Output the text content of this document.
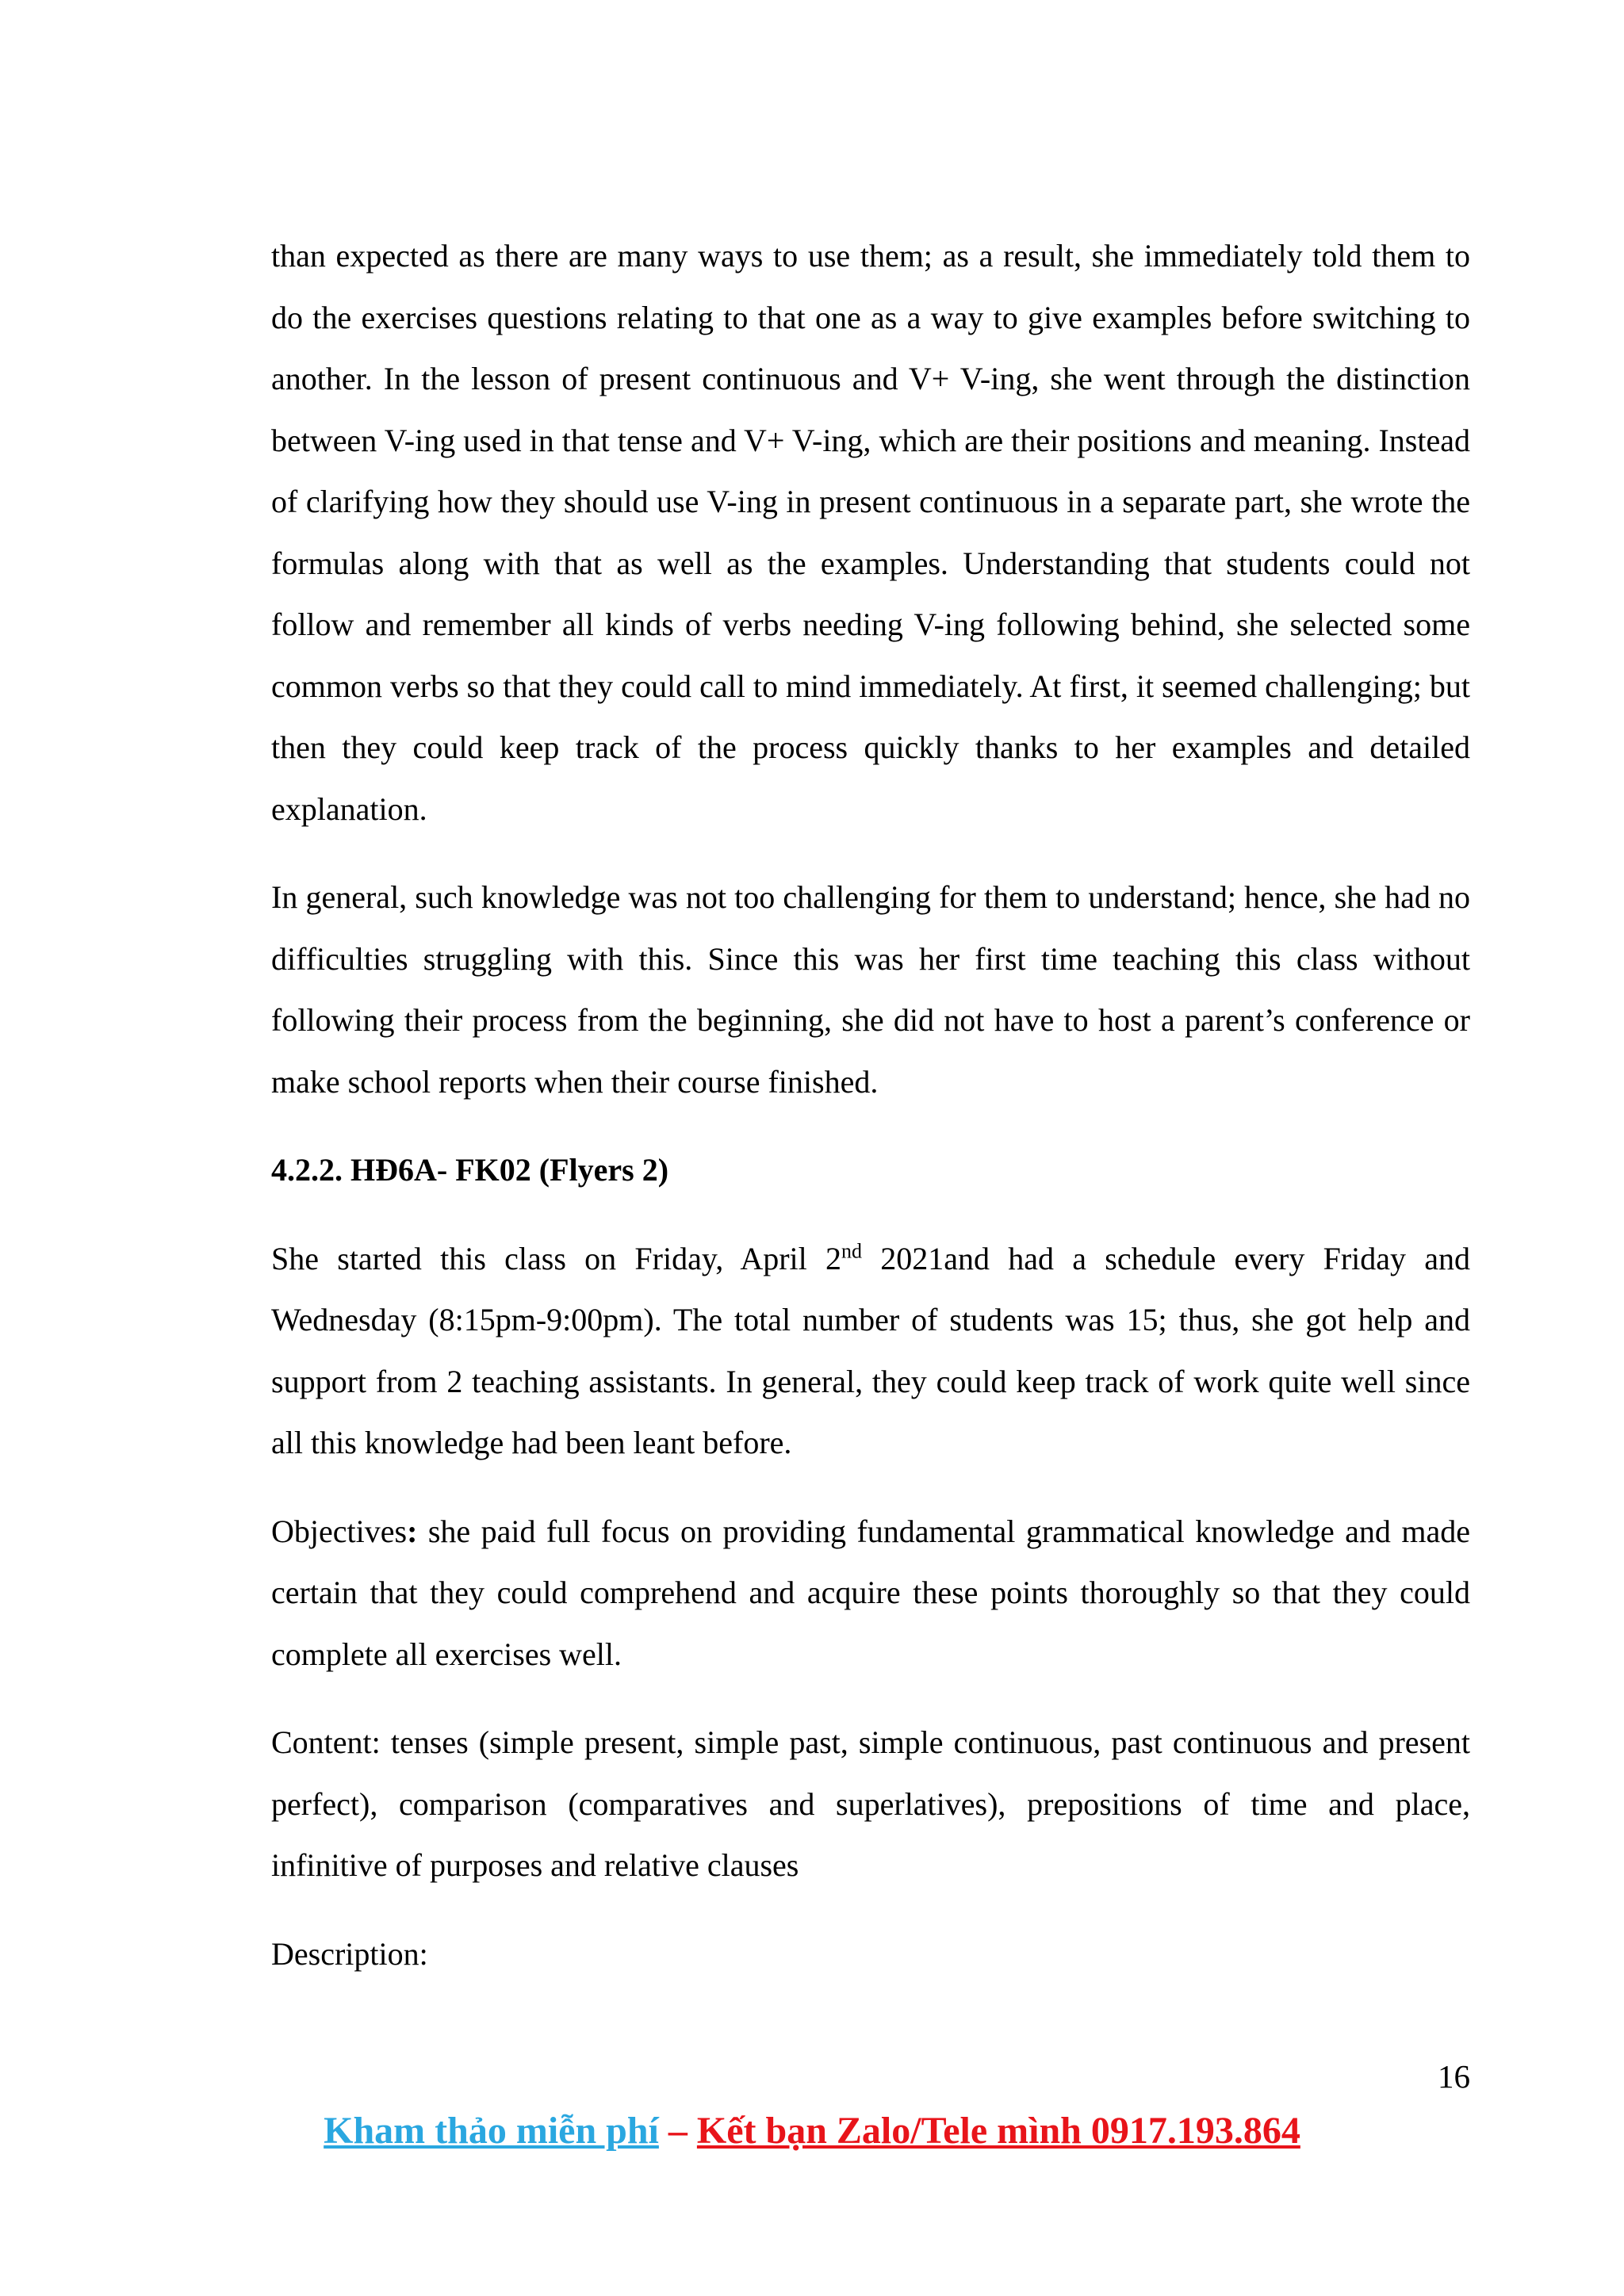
than expected as there are many ways to use them; as a result, she immediately told them to do the exercises questions relating to that one as a way to give examples before switching to another. In the lesson of present continuous and V+ V-ing, she went through the distinction between V-ing used in that tense and V+ V-ing, which are their positions and meaning. Instead of clarifying how they should use V-ing in present continuous in a separate part, she wrote the formulas along with that as well as the examples. Understanding that students could not follow and remember all kinds of verbs needing V-ing following behind, she selected some common verbs so that they could call to mind immediately. At first, it seemed challenging; but then they could keep track of the process quickly thanks to her examples and detailed explanation.

In general, such knowledge was not too challenging for them to understand; hence, she had no difficulties struggling with this. Since this was her first time teaching this class without following their process from the beginning, she did not have to host a parent’s conference or make school reports when their course finished.

4.2.2. HĐ6A- FK02 (Flyers 2)

She started this class on Friday, April 2nd 2021and had a schedule every Friday and Wednesday (8:15pm-9:00pm). The total number of students was 15; thus, she got help and support from 2 teaching assistants. In general, they could keep track of work quite well since all this knowledge had been leant before.

Objectives: she paid full focus on providing fundamental grammatical knowledge and made certain that they could comprehend and acquire these points thoroughly so that they could complete all exercises well.

Content: tenses (simple present, simple past, simple continuous, past continuous and present perfect), comparison (comparatives and superlatives), prepositions of time and place, infinitive of purposes and relative clauses

Description:

16

Kham thảo miễn phí – Kết bạn Zalo/Tele mình 0917.193.864
